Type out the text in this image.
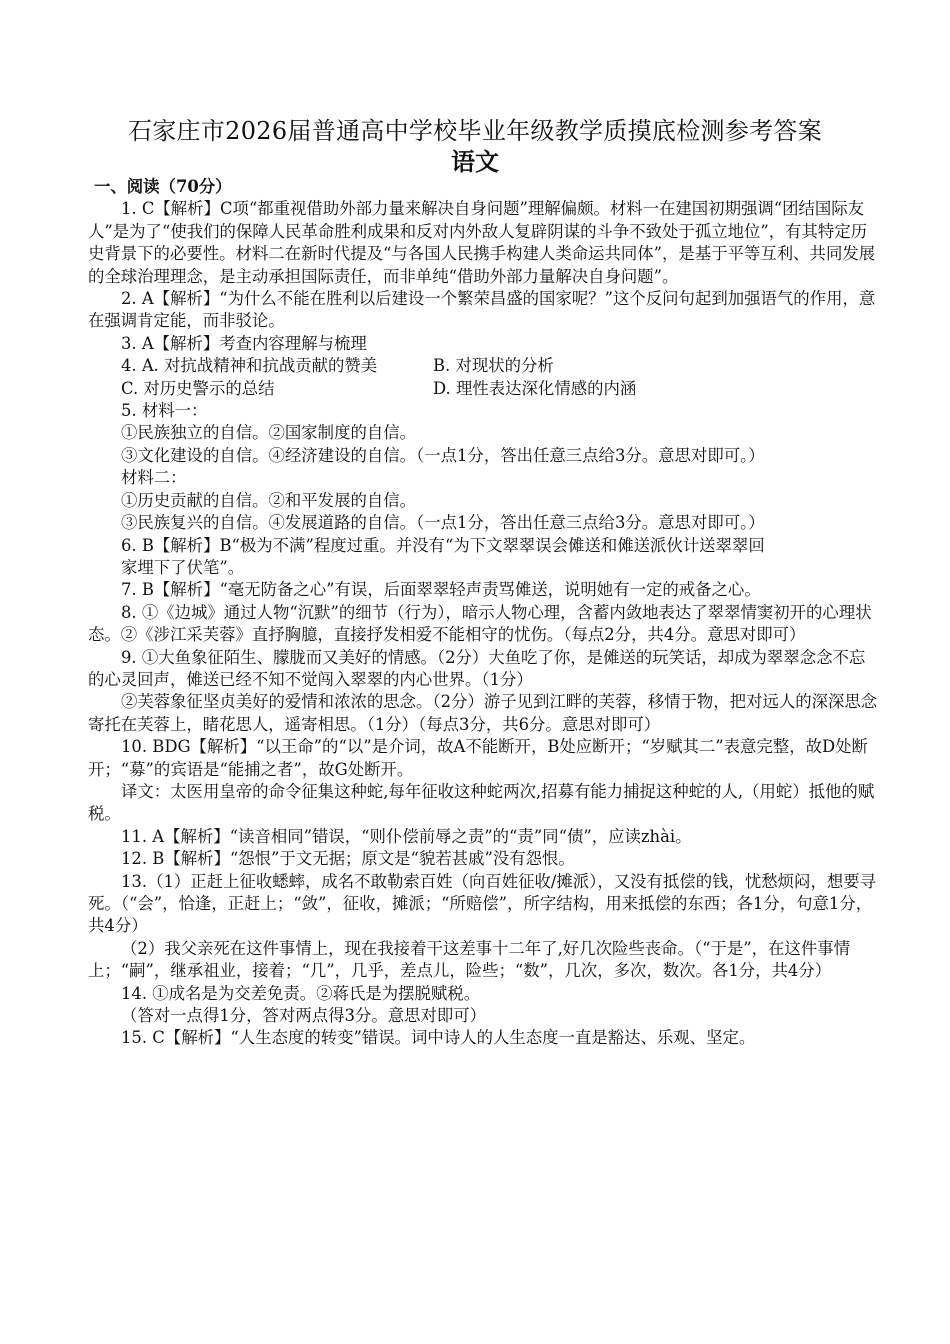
石家庄市2026届普通高中学校毕业年级教学质摸底检测参考答案
语文

一、阅读（70分）

1. C【解析】C项“都重视借助外部力量来解决自身问题”理解偏颇。材料一在建国初期强调“团结国际友人”是为了“使我们的保障人民革命胜利成果和反对内外敌人复辟阴谋的斗争不致处于孤立地位”，有其特定历史背景下的必要性。材料二在新时代提及“与各国人民携手构建人类命运共同体”，是基于平等互利、共同发展的全球治理理念，是主动承担国际责任，而非单纯“借助外部力量解决自身问题”。

2. A【解析】“为什么不能在胜利以后建设一个繁荣昌盛的国家呢？”这个反问句起到加强语气的作用，意在强调肯定能，而非驳论。

3. A【解析】考查内容理解与梳理

4. A. 对抗战精神和抗战贡献的赞美	B. 对现状的分析
C. 对历史警示的总结	D. 理性表达深化情感的内涵

5. 材料一：

①民族独立的自信。②国家制度的自信。

③文化建设的自信。④经济建设的自信。（一点1分，答出任意三点给3分。意思对即可。）

材料二：

①历史贡献的自信。②和平发展的自信。

③民族复兴的自信。④发展道路的自信。（一点1分，答出任意三点给3分。意思对即可。）

6. B【解析】B“极为不满”程度过重。并没有“为下文翠翠误会傩送和傩送派伙计送翠翠回

家埋下了伏笔”。

7. B【解析】“毫无防备之心”有误，后面翠翠轻声责骂傩送，说明她有一定的戒备之心。

8. ①《边城》通过人物“沉默”的细节（行为），暗示人物心理，含蓄内敛地表达了翠翠情窦初开的心理状态。②《涉江采芙蓉》直抒胸臆，直接抒发相爱不能相守的忧伤。（每点2分，共4分。意思对即可）

9. ①大鱼象征陌生、朦胧而又美好的情感。（2分）大鱼吃了你，是傩送的玩笑话，却成为翠翠念念不忘的心灵回声，傩送已经不知不觉闯入翠翠的内心世界。（1分）

②芙蓉象征坚贞美好的爱情和浓浓的思念。（2分）游子见到江畔的芙蓉，移情于物，把对远人的深深思念寄托在芙蓉上，睹花思人，遥寄相思。（1分）（每点3分，共6分。意思对即可）

10. BDG【解析】“以王命”的“以”是介词，故A不能断开，B处应断开；“岁赋其二”表意完整，故D处断开；“募”的宾语是“能捕之者”，故G处断开。

译文：太医用皇帝的命令征集这种蛇,每年征收这种蛇两次,招募有能力捕捉这种蛇的人,（用蛇）抵他的赋税。

11. A【解析】“读音相同”错误，“则仆偿前辱之责”的“责”同“债”，应读zhài。

12. B【解析】“怨恨”于文无据；原文是“貌若甚戚”没有怨恨。

13.（1）正赶上征收蟋蟀，成名不敢勒索百姓（向百姓征收/摊派），又没有抵偿的钱，忧愁烦闷，想要寻死。（“会”，恰逢，正赶上；“敛”，征收，摊派；“所赔偿”，所字结构，用来抵偿的东西；各1分，句意1分，共4分）

（2）我父亲死在这件事情上，现在我接着干这差事十二年了,好几次险些丧命。（“于是”，在这件事情上；“嗣”，继承祖业，接着；“几”，几乎，差点儿，险些；“数”，几次，多次，数次。各1分，共4分）

14. ①成名是为交差免责。②蒋氏是为摆脱赋税。

（答对一点得1分，答对两点得3分。意思对即可）

15. C【解析】“人生态度的转变”错误。词中诗人的人生态度一直是豁达、乐观、坚定。
